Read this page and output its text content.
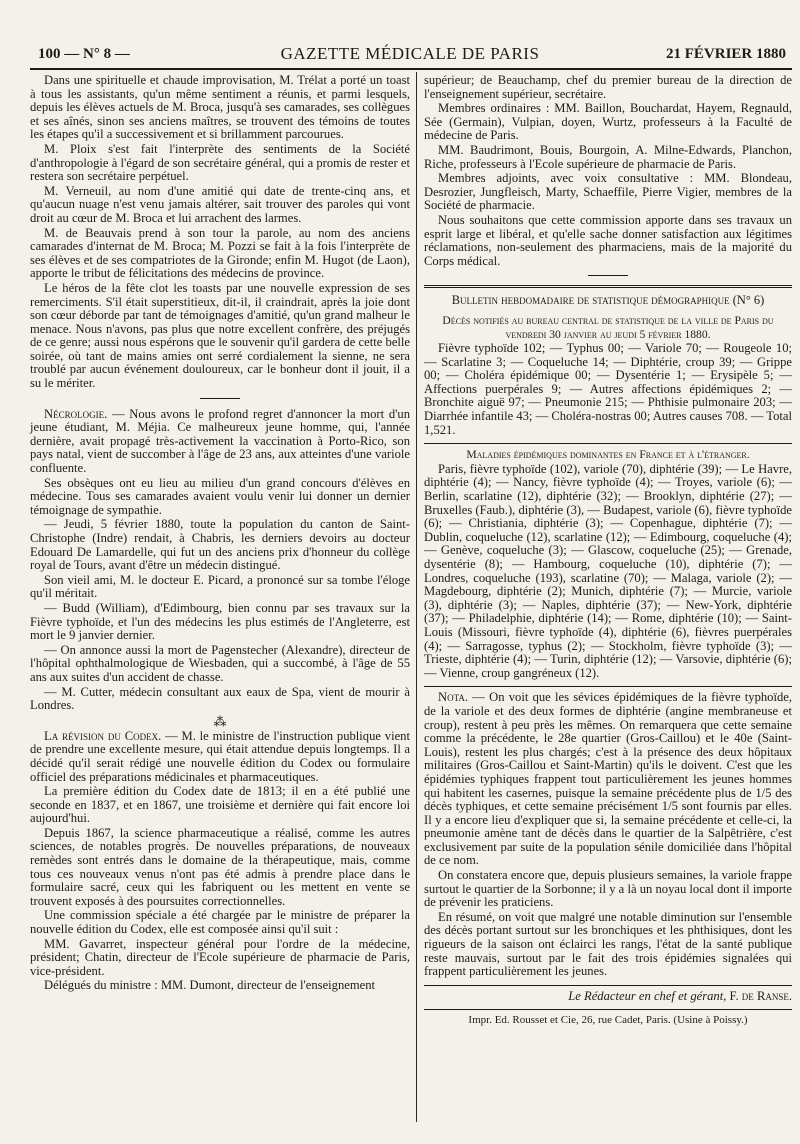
100 — N° 8 —	GAZETTE MÉDICALE DE PARIS	21 FÉVRIER 1880

Dans une spirituelle et chaude improvisation, M. Trélat a porté un toast à tous les assistants, qu'un même sentiment a réunis, et parmi lesquels, depuis les élèves actuels de M. Broca, jusqu'à ses camarades, ses collègues et ses aînés, sinon ses anciens maîtres, se trouvent des témoins de toutes les étapes qu'il a successivement et si brillamment parcourues.

M. Ploix s'est fait l'interprète des sentiments de la Société d'anthropologie à l'égard de son secrétaire général, qui a promis de rester et restera son secrétaire perpétuel.

M. Verneuil, au nom d'une amitié qui date de trente-cinq ans, et qu'aucun nuage n'est venu jamais altérer, sait trouver des paroles qui vont droit au cœur de M. Broca et lui arrachent des larmes.

M. de Beauvais prend à son tour la parole, au nom des anciens camarades d'internat de M. Broca; M. Pozzi se fait à la fois l'interprète de ses élèves et de ses compatriotes de la Gironde; enfin M. Hugot (de Laon), apporte le tribut de félicitations des médecins de province.

Le héros de la fête clot les toasts par une nouvelle expression de ses remerciments. S'il était superstitieux, dit-il, il craindrait, après la joie dont son cœur déborde par tant de témoignages d'amitié, qu'un grand malheur le menace. Nous n'avons, pas plus que notre excellent confrère, des préjugés de ce genre; aussi nous espérons que le souvenir qu'il gardera de cette belle soirée, où tant de mains amies ont serré cordialement la sienne, ne sera troublé par aucun événement douloureux, car le bonheur dont il jouit, il a su le mériter.

Nécrologie. — Nous avons le profond regret d'annoncer la mort d'un jeune étudiant, M. Méjia. Ce malheureux jeune homme, qui, l'année dernière, avait propagé très-activement la vaccination à Porto-Rico, son pays natal, vient de succomber à l'âge de 23 ans, aux atteintes d'une variole confluente.

Ses obsèques ont eu lieu au milieu d'un grand concours d'élèves en médecine. Tous ses camarades avaient voulu venir lui donner un dernier témoignage de sympathie.

— Jeudi, 5 février 1880, toute la population du canton de Saint-Christophe (Indre) rendait, à Chabris, les derniers devoirs au docteur Edouard De Lamardelle, qui fut un des anciens prix d'honneur du collège royal de Tours, avant d'être un médecin distingué.

Son vieil ami, M. le docteur E. Picard, a prononcé sur sa tombe l'éloge qu'il méritait.

— Budd (William), d'Edimbourg, bien connu par ses travaux sur la Fièvre typhoïde, et l'un des médecins les plus estimés de l'Angleterre, est mort le 9 janvier dernier.

— On annonce aussi la mort de Pagenstecher (Alexandre), directeur de l'hôpital ophthalmologique de Wiesbaden, qui a succombé, à l'âge de 55 ans aux suites d'un accident de chasse.

— M. Cutter, médecin consultant aux eaux de Spa, vient de mourir à Londres.

⁂

La révision du Codex. — M. le ministre de l'instruction publique vient de prendre une excellente mesure, qui était attendue depuis longtemps. Il a décidé qu'il serait rédigé une nouvelle édition du Codex ou formulaire officiel des préparations médicinales et pharmaceutiques.

La première édition du Codex date de 1813; il en a été publié une seconde en 1837, et en 1867, une troisième et dernière qui fait encore loi aujourd'hui.

Depuis 1867, la science pharmaceutique a réalisé, comme les autres sciences, de notables progrès. De nouvelles préparations, de nouveaux remèdes sont entrés dans le domaine de la thérapeutique, mais, comme tous ces nouveaux venus n'ont pas été admis à prendre place dans le formulaire sacré, ceux qui les fabriquent ou les mettent en vente se trouvent exposés à des poursuites correctionnelles.

Une commission spéciale a été chargée par le ministre de préparer la nouvelle édition du Codex, elle est composée ainsi qu'il suit :

MM. Gavarret, inspecteur général pour l'ordre de la médecine, président; Chatin, directeur de l'Ecole supérieure de pharmacie de Paris, vice-président.

Délégués du ministre : MM. Dumont, directeur de l'enseignement

supérieur; de Beauchamp, chef du premier bureau de la direction de l'enseignement supérieur, secrétaire.

Membres ordinaires : MM. Baillon, Bouchardat, Hayem, Regnauld, Sée (Germain), Vulpian, doyen, Wurtz, professeurs à la Faculté de médecine de Paris.

MM. Baudrimont, Bouis, Bourgoin, A. Milne-Edwards, Planchon, Riche, professeurs à l'Ecole supérieure de pharmacie de Paris.

Membres adjoints, avec voix consultative : MM. Blondeau, Desrozier, Jungfleisch, Marty, Schaeffile, Pierre Vigier, membres de la Société de pharmacie.

Nous souhaitons que cette commission apporte dans ses travaux un esprit large et libéral, et qu'elle sache donner satisfaction aux légitimes réclamations, non-seulement des pharmaciens, mais de la majorité du Corps médical.

Bulletin hebdomadaire de statistique démographique (N° 6)

Décès notifiés au bureau central de statistique de la ville de Paris du vendredi 30 janvier au jeudi 5 février 1880.

Fièvre typhoïde 102; — Typhus 00; — Variole 70; — Rougeole 10; — Scarlatine 3; — Coqueluche 14; — Diphtérie, croup 39; — Grippe 00; — Choléra épidémique 00; — Dysentérie 1; — Erysipèle 5; — Affections puerpérales 9; — Autres affections épidémiques 2; — Bronchite aiguë 97; — Pneumonie 215; — Phthisie pulmonaire 203; — Diarrhée infantile 43; — Choléra-nostras 00; Autres causes 708. — Total 1,521.

Maladies épidémiques dominantes en France et à l'étranger.

Paris, fièvre typhoïde (102), variole (70), diphtérie (39); — Le Havre, diphtérie (4); — Nancy, fièvre typhoïde (4); — Troyes, variole (6); — Berlin, scarlatine (12), diphtérie (32); — Brooklyn, diphtérie (27); — Bruxelles (Faub.), diphtérie (3), — Budapest, variole (6), fièvre typhoïde (6); — Christiania, diphtérie (3); — Copenhague, diphtérie (7); — Dublin, coqueluche (12), scarlatine (12); — Edimbourg, coqueluche (4); — Genève, coqueluche (3); — Glascow, coqueluche (25); — Grenade, dysentérie (8); — Hambourg, coqueluche (10), diphtérie (7); — Londres, coqueluche (193), scarlatine (70); — Malaga, variole (2); — Magdebourg, diphtérie (2); Munich, diphtérie (7); — Murcie, variole (3), diphtérie (3); — Naples, diphtérie (37); — New-York, diphtérie (37); — Philadelphie, diphtérie (14); — Rome, diphtérie (10); — Saint-Louis (Missouri, fièvre typhoïde (4), diphtérie (6), fièvres puerpérales (4); — Sarragosse, typhus (2); — Stockholm, fièvre typhoïde (3); — Trieste, diphtérie (4); — Turin, diphtérie (12); — Varsovie, diphtérie (6); — Vienne, croup gangréneux (12).

Nota. — On voit que les sévices épidémiques de la fièvre typhoïde, de la variole et des deux formes de diphtérie (angine membraneuse et croup), restent à peu près les mêmes. On remarquera que cette semaine comme la précédente, le 28e quartier (Gros-Caillou) et le 40e (Saint-Louis), restent les plus chargés; c'est à la présence des deux hôpitaux militaires (Gros-Caillou et Saint-Martin) qu'ils le doivent. C'est que les épidémies typhiques frappent tout particulièrement les jeunes hommes qui habitent les casernes, puisque la semaine précédente plus de 1/5 des décès typhiques, et cette semaine précisément 1/5 sont fournis par elles. Il y a encore lieu d'expliquer que si, la semaine précédente et celle-ci, la pneumonie amène tant de décès dans le quartier de la Salpêtrière, c'est exclusivement par suite de la population sénile domiciliée dans l'hôpital de ce nom.

On constatera encore que, depuis plusieurs semaines, la variole frappe surtout le quartier de la Sorbonne; il y a là un noyau local dont il importe de prévenir les praticiens.

En résumé, on voit que malgré une notable diminution sur l'ensemble des décès portant surtout sur les bronchiques et les phthisiques, dont les rigueurs de la saison ont éclairci les rangs, l'état de la santé publique reste mauvais, surtout par le fait des trois épidémies signalées qui frappent particulièrement les jeunes.

Le Rédacteur en chef et gérant, F. de Ranse.

Impr. Ed. Rousset et Cie, 26, rue Cadet, Paris. (Usine à Poissy.)
